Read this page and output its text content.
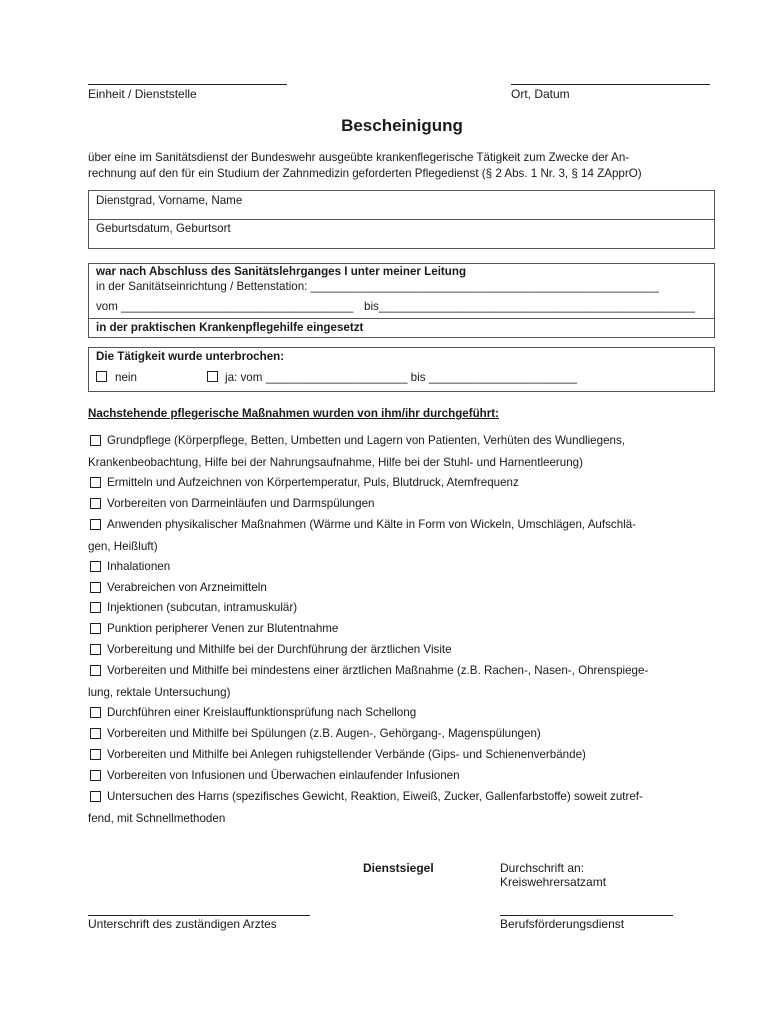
Einheit / Dienststelle	Ort, Datum
Bescheinigung
über eine im Sanitätsdienst der Bundeswehr ausgeübte krankenflegerische Tätigkeit zum Zwecke der An-
rechnung auf den für ein Studium der Zahnmedizin geforderten Pflegedienst (§ 2 Abs. 1 Nr. 3, § 14 ZApprO)
Dienstgrad, Vorname, Name
Geburtsdatum, Geburtsort
war nach Abschluss des Sanitätslehrganges I unter meiner Leitung
in der Sanitätseinrichtung / Bettenstation: ______________________________________________________
vom ____________________________________ bis_________________________________________________
in der praktischen Krankenpflegehilfe eingesetzt
Die Tätigkeit wurde unterbrochen:
nein	ja: vom ______________________ bis _______________________
Nachstehende pflegerische Maßnahmen wurden von ihm/ihr durchgeführt:
Grundpflege (Körperpflege, Betten, Umbetten und Lagern von Patienten, Verhüten des Wundliegens,
Krankenbeobachtung, Hilfe bei der Nahrungsaufnahme, Hilfe bei der Stuhl- und Harnentleerung)
Ermitteln und Aufzeichnen von Körpertemperatur, Puls, Blutdruck, Atemfrequenz
Vorbereiten von Darmeinläufen und Darmspülungen
Anwenden physikalischer Maßnahmen (Wärme und Kälte in Form von Wickeln, Umschlägen, Aufschlä-
gen, Heißluft)
Inhalationen
Verabreichen von Arzneimitteln
Injektionen (subcutan, intramuskulär)
Punktion peripherer Venen zur Blutentnahme
Vorbereitung und Mithilfe bei der Durchführung der ärztlichen Visite
Vorbereiten und Mithilfe bei mindestens einer ärztlichen Maßnahme (z.B. Rachen-, Nasen-, Ohrenspiege-
lung, rektale Untersuchung)
Durchführen einer Kreislauffunktionsprüfung nach Schellong
Vorbereiten und Mithilfe bei Spülungen (z.B. Augen-, Gehörgang-, Magenspülungen)
Vorbereiten und Mithilfe bei Anlegen ruhigstellender Verbände (Gips- und Schienenverbände)
Vorbereiten von Infusionen und Überwachen einlaufender Infusionen
Untersuchen des Harns (spezifisches Gewicht, Reaktion, Eiweiß, Zucker, Gallenfarbstoffe) soweit zutref-
fend, mit Schnellmethoden
Dienstsiegel	Durchschrift an:
Kreiswehrersatzamt
Unterschrift des zuständigen Arztes	Berufsförderungsdienst
